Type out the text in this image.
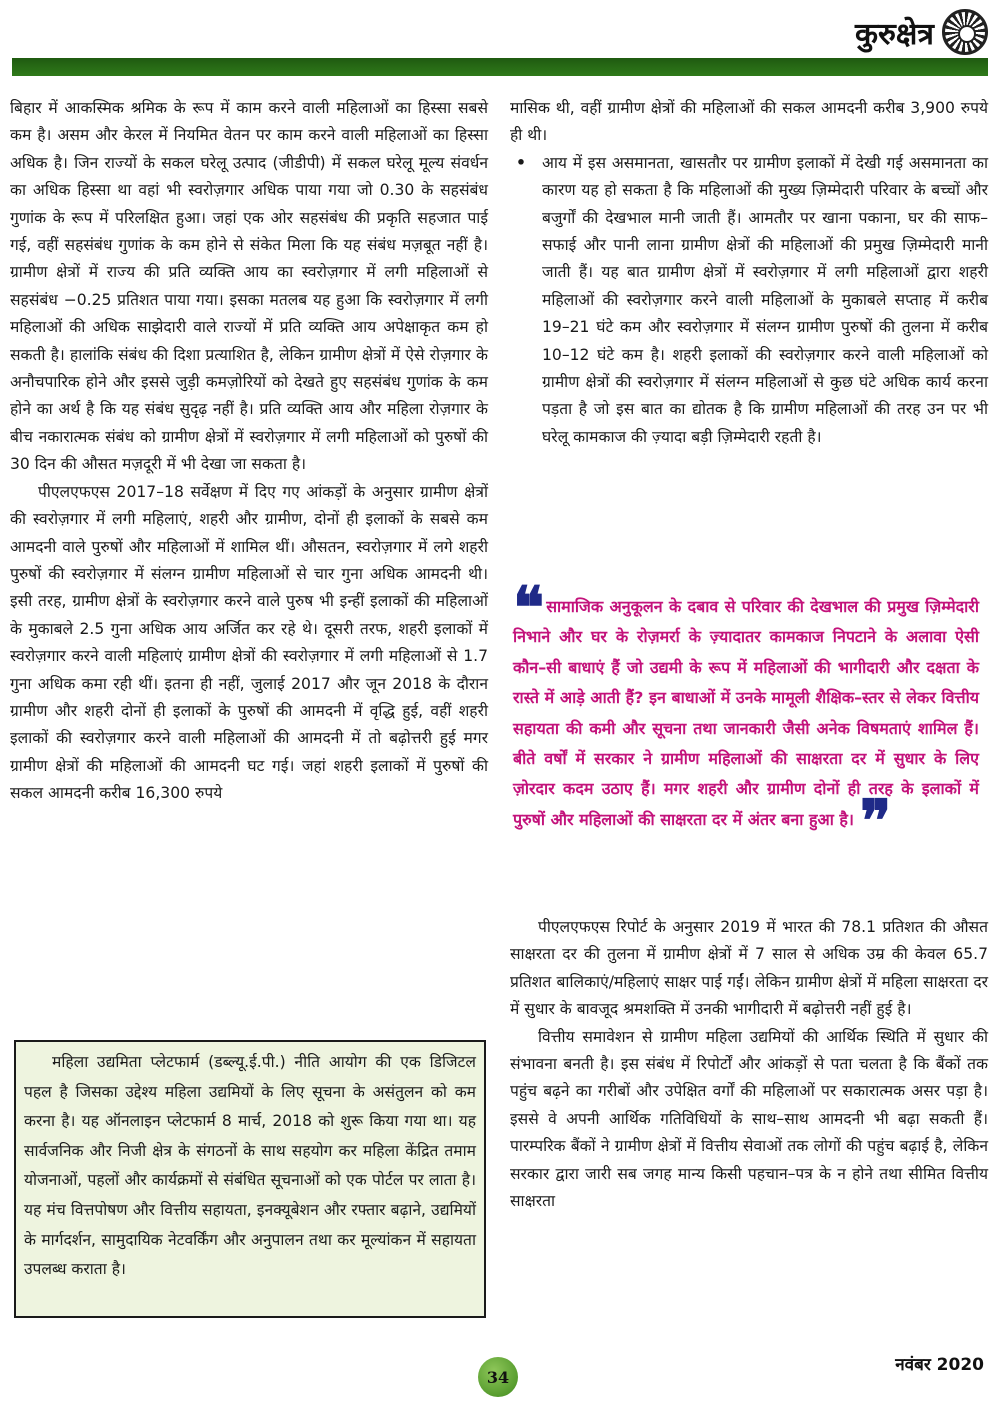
कुरुक्षेत्र

बिहार में आकस्मिक श्रमिक के रूप में काम करने वाली महिलाओं का हिस्सा सबसे कम है। असम और केरल में नियमित वेतन पर काम करने वाली महिलाओं का हिस्सा अधिक है। जिन राज्यों के सकल घरेलू उत्पाद (जीडीपी) में सकल घरेलू मूल्य संवर्धन का अधिक हिस्सा था वहां भी स्वरोज़गार अधिक पाया गया जो 0.30 के सहसंबंध गुणांक के रूप में परिलक्षित हुआ। जहां एक ओर सहसंबंध की प्रकृति सहजात पाई गई, वहीं सहसंबंध गुणांक के कम होने से संकेत मिला कि यह संबंध मज़बूत नहीं है। ग्रामीण क्षेत्रों में राज्य की प्रति व्यक्ति आय का स्वरोज़गार में लगी महिलाओं से सहसंबंध −0.25 प्रतिशत पाया गया। इसका मतलब यह हुआ कि स्वरोज़गार में लगी महिलाओं की अधिक साझेदारी वाले राज्यों में प्रति व्यक्ति आय अपेक्षाकृत कम हो सकती है। हालांकि संबंध की दिशा प्रत्याशित है, लेकिन ग्रामीण क्षेत्रों में ऐसे रोज़गार के अनौचपारिक होने और इससे जुड़ी कमज़ोरियों को देखते हुए सहसंबंध गुणांक के कम होने का अर्थ है कि यह संबंध सुदृढ़ नहीं है। प्रति व्यक्ति आय और महिला रोज़गार के बीच नकारात्मक संबंध को ग्रामीण क्षेत्रों में स्वरोज़गार में लगी महिलाओं को पुरुषों की 30 दिन की औसत मज़दूरी में भी देखा जा सकता है।

पीएलएफएस 2017–18 सर्वेक्षण में दिए गए आंकड़ों के अनुसार ग्रामीण क्षेत्रों की स्वरोज़गार में लगी महिलाएं, शहरी और ग्रामीण, दोनों ही इलाकों के सबसे कम आमदनी वाले पुरुषों और महिलाओं में शामिल थीं। औसतन, स्वरोज़गार में लगे शहरी पुरुषों की स्वरोज़गार में संलग्न ग्रामीण महिलाओं से चार गुना अधिक आमदनी थी। इसी तरह, ग्रामीण क्षेत्रों के स्वरोज़गार करने वाले पुरुष भी इन्हीं इलाकों की महिलाओं के मुकाबले 2.5 गुना अधिक आय अर्जित कर रहे थे। दूसरी तरफ, शहरी इलाकों में स्वरोज़गार करने वाली महिलाएं ग्रामीण क्षेत्रों की स्वरोज़गार में लगी महिलाओं से 1.7 गुना अधिक कमा रही थीं। इतना ही नहीं, जुलाई 2017 और जून 2018 के दौरान ग्रामीण और शहरी दोनों ही इलाकों के पुरुषों की आमदनी में वृद्धि हुई, वहीं शहरी इलाकों की स्वरोज़गार करने वाली महिलाओं की आमदनी में तो बढ़ोत्तरी हुई मगर ग्रामीण क्षेत्रों की महिलाओं की आमदनी घट गई। जहां शहरी इलाकों में पुरुषों की सकल आमदनी करीब 16,300 रुपये

महिला उद्यमिता प्लेटफार्म (डब्ल्यू.ई.पी.) नीति आयोग की एक डिजिटल पहल है जिसका उद्देश्य महिला उद्यमियों के लिए सूचना के असंतुलन को कम करना है। यह ऑनलाइन प्लेटफार्म 8 मार्च, 2018 को शुरू किया गया था। यह सार्वजनिक और निजी क्षेत्र के संगठनों के साथ सहयोग कर महिला केंद्रित तमाम योजनाओं, पहलों और कार्यक्रमों से संबंधित सूचनाओं को एक पोर्टल पर लाता है। यह मंच वित्तपोषण और वित्तीय सहायता, इनक्यूबेशन और रफ्तार बढ़ाने, उद्यमियों के मार्गदर्शन, सामुदायिक नेटवर्किंग और अनुपालन तथा कर मूल्यांकन में सहायता उपलब्ध कराता है।

मासिक थी, वहीं ग्रामीण क्षेत्रों की महिलाओं की सकल आमदनी करीब 3,900 रुपये ही थी।

•	आय में इस असमानता, खासतौर पर ग्रामीण इलाकों में देखी गई असमानता का कारण यह हो सकता है कि महिलाओं की मुख्य ज़िम्मेदारी परिवार के बच्चों और बजुर्गों की देखभाल मानी जाती हैं। आमतौर पर खाना पकाना, घर की साफ–सफाई और पानी लाना ग्रामीण क्षेत्रों की महिलाओं की प्रमुख ज़िम्मेदारी मानी जाती हैं। यह बात ग्रामीण क्षेत्रों में स्वरोज़गार में लगी महिलाओं द्वारा शहरी महिलाओं की स्वरोज़गार करने वाली महिलाओं के मुकाबले सप्ताह में करीब 19–21 घंटे कम और स्वरोज़गार में संलग्न ग्रामीण पुरुषों की तुलना में करीब 10–12 घंटे कम है। शहरी इलाकों की स्वरोज़गार करने वाली महिलाओं को ग्रामीण क्षेत्रों की स्वरोज़गार में संलग्न महिलाओं से कुछ घंटे अधिक कार्य करना पड़ता है जो इस बात का द्योतक है कि ग्रामीण महिलाओं की तरह उन पर भी घरेलू कामकाज की ज़्यादा बड़ी ज़िम्मेदारी रहती है।
❝ सामाजिक अनुकूलन के दबाव से परिवार की देखभाल की प्रमुख ज़िम्मेदारी निभाने और घर के रोज़मर्रा के ज़्यादातर कामकाज निपटाने के अलावा ऐसी कौन–सी बाधाएं हैं जो उद्यमी के रूप में महिलाओं की भागीदारी और दक्षता के रास्ते में आड़े आती हैं? इन बाधाओं में उनके मामूली शैक्षिक–स्तर से लेकर वित्तीय सहायता की कमी और सूचना तथा जानकारी जैसी अनेक विषमताएं शामिल हैं। बीते वर्षों में सरकार ने ग्रामीण महिलाओं की साक्षरता दर में सुधार के लिए ज़ोरदार कदम उठाए हैं। मगर शहरी और ग्रामीण दोनों ही तरह के इलाकों में पुरुषों और महिलाओं की साक्षरता दर में अंतर बना हुआ है। ❞

पीएलएफएस रिपोर्ट के अनुसार 2019 में भारत की 78.1 प्रतिशत की औसत साक्षरता दर की तुलना में ग्रामीण क्षेत्रों में 7 साल से अधिक उम्र की केवल 65.7 प्रतिशत बालिकाएं/महिलाएं साक्षर पाई गईं। लेकिन ग्रामीण क्षेत्रों में महिला साक्षरता दर में सुधार के बावजूद श्रमशक्ति में उनकी भागीदारी में बढ़ोत्तरी नहीं हुई है।

वित्तीय समावेशन से ग्रामीण महिला उद्यमियों की आर्थिक स्थिति में सुधार की संभावना बनती है। इस संबंध में रिपोर्टों और आंकड़ों से पता चलता है कि बैंकों तक पहुंच बढ़ने का गरीबों और उपेक्षित वर्गों की महिलाओं पर सकारात्मक असर पड़ा है। इससे वे अपनी आर्थिक गतिविधियों के साथ–साथ आमदनी भी बढ़ा सकती हैं। पारम्परिक बैंकों ने ग्रामीण क्षेत्रों में वित्तीय सेवाओं तक लोगों की पहुंच बढ़ाई है, लेकिन सरकार द्वारा जारी सब जगह मान्य किसी पहचान–पत्र के न होने तथा सीमित वित्तीय साक्षरता

34
नवंबर 2020
